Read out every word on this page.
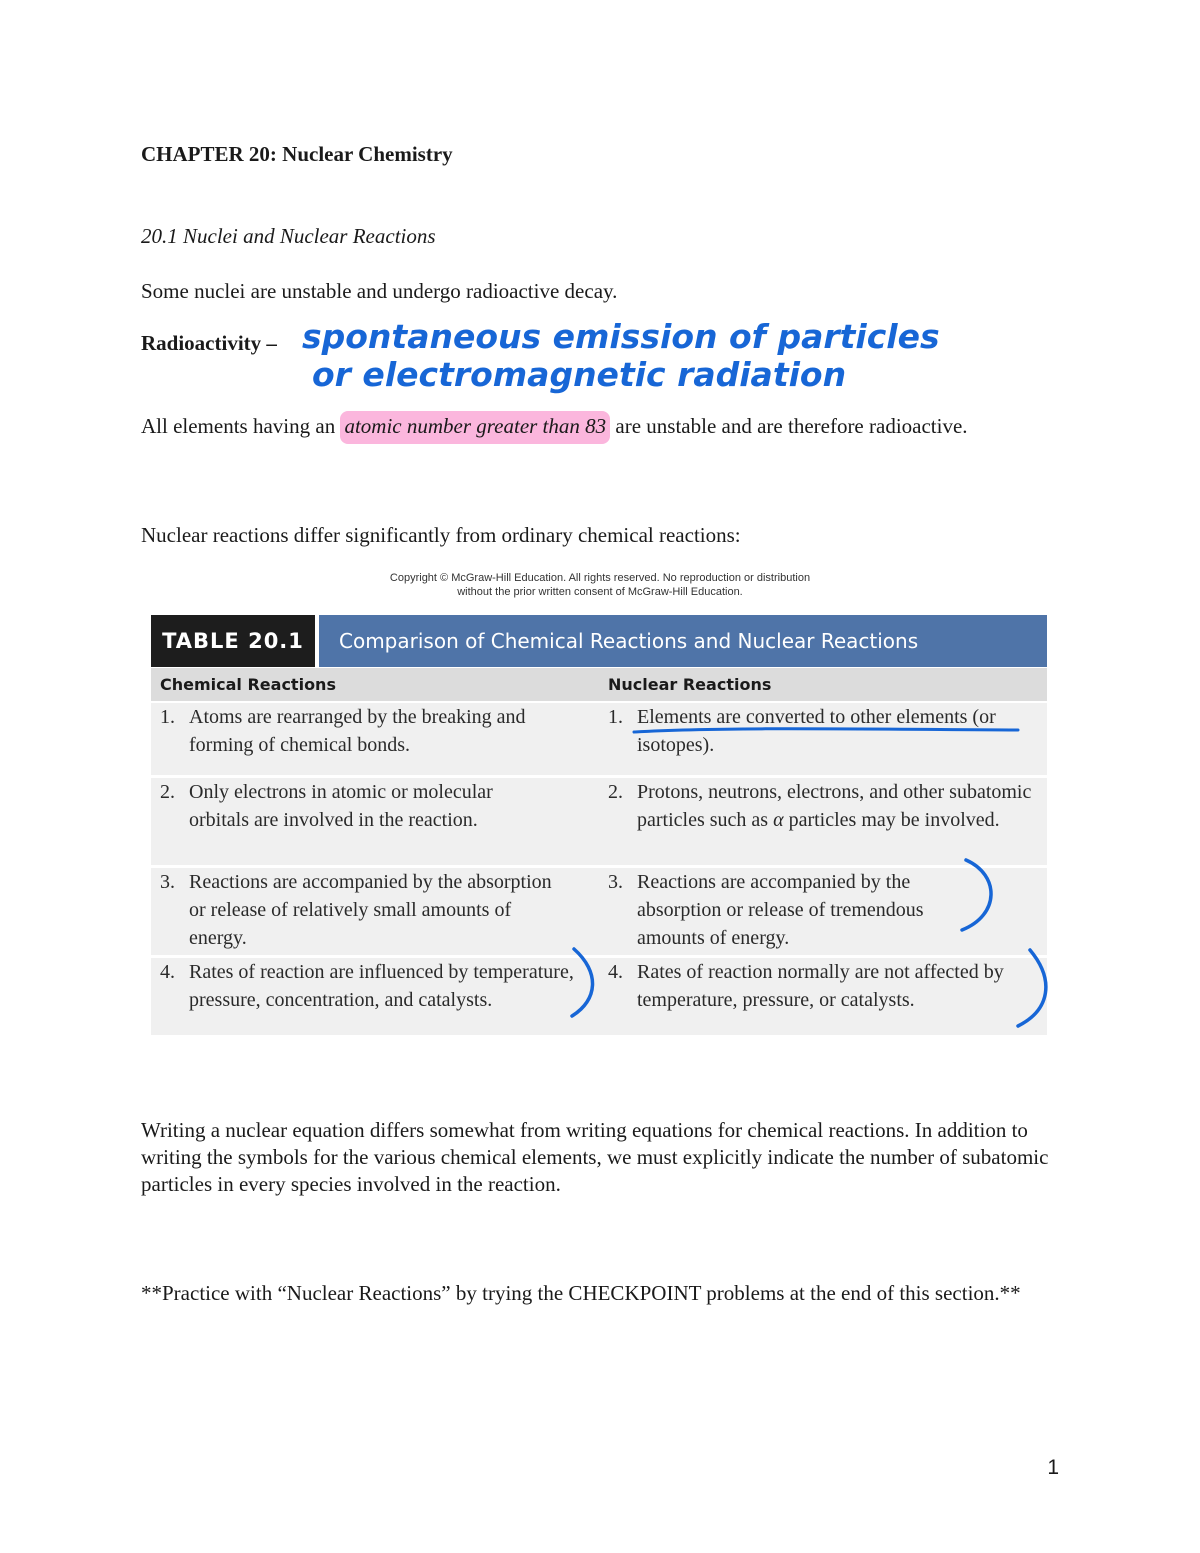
CHAPTER 20: Nuclear Chemistry
20.1 Nuclei and Nuclear Reactions
Some nuclei are unstable and undergo radioactive decay.
Radioactivity – spontaneous emission of particles
or electromagnetic radiation
All elements having an atomic number greater than 83 are unstable and are therefore radioactive.
Nuclear reactions differ significantly from ordinary chemical reactions:
Copyright © McGraw-Hill Education. All rights reserved. No reproduction or distribution without the prior written consent of McGraw-Hill Education.
TABLE 20.1	Comparison of Chemical Reactions and Nuclear Reactions
Chemical Reactions	Nuclear Reactions
1. Atoms are rearranged by the breaking and forming of chemical bonds.
1. Elements are converted to other elements (or isotopes).
2. Only electrons in atomic or molecular orbitals are involved in the reaction.
2. Protons, neutrons, electrons, and other subatomic particles such as α particles may be involved.
3. Reactions are accompanied by the absorption or release of relatively small amounts of energy.
3. Reactions are accompanied by the absorption or release of tremendous amounts of energy.
4. Rates of reaction are influenced by temperature, pressure, concentration, and catalysts.
4. Rates of reaction normally are not affected by temperature, pressure, or catalysts.
Writing a nuclear equation differs somewhat from writing equations for chemical reactions. In addition to writing the symbols for the various chemical elements, we must explicitly indicate the number of subatomic particles in every species involved in the reaction.
**Practice with “Nuclear Reactions” by trying the CHECKPOINT problems at the end of this section.**
1
